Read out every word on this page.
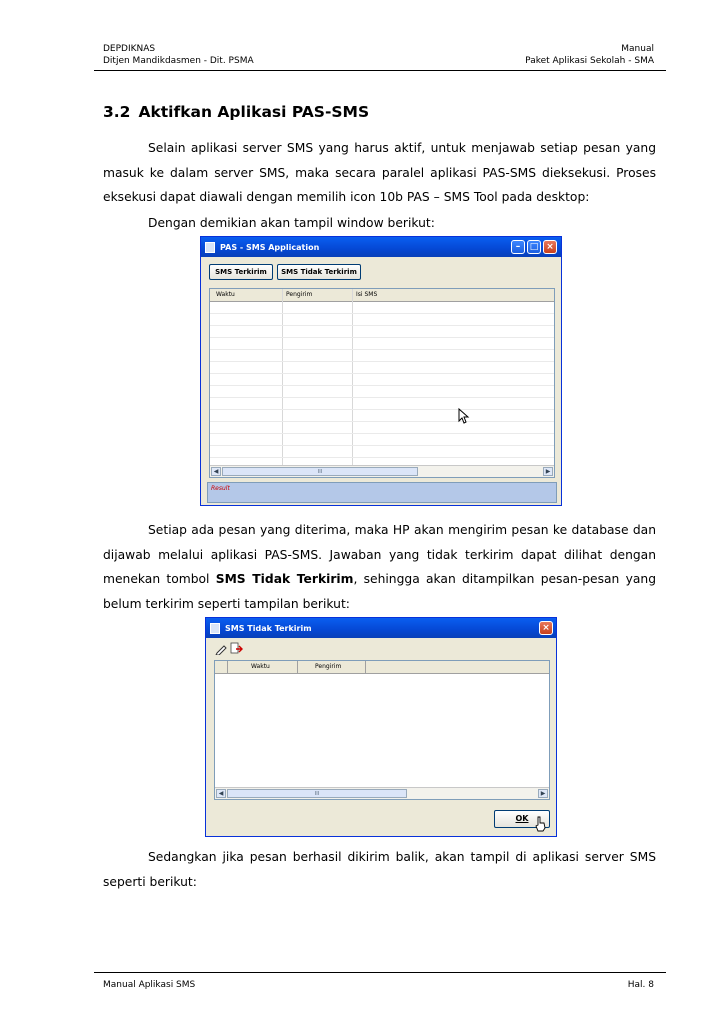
DEPDIKNAS
Ditjen Mandikdasmen - Dit. PSMA
Manual
Paket Aplikasi Sekolah - SMA
3.2 Aktifkan Aplikasi PAS-SMS
Selain aplikasi server SMS yang harus aktif, untuk menjawab setiap pesan yang masuk ke dalam server SMS, maka secara paralel aplikasi PAS-SMS dieksekusi. Proses eksekusi dapat diawali dengan memilih icon 10b PAS – SMS Tool pada desktop:
Dengan demikian akan tampil window berikut:
PAS - SMS Application	–	□ ×
SMS Terkirim	SMS Tidak Terkirim
Waktu	Pengirim	Isi SMS
◀	III	▶
Result
Setiap ada pesan yang diterima, maka HP akan mengirim pesan ke database dan dijawab melalui aplikasi PAS-SMS. Jawaban yang tidak terkirim dapat dilihat dengan menekan tombol SMS Tidak Terkirim, sehingga akan ditampilkan pesan-pesan yang belum terkirim seperti tampilan berikut:
SMS Tidak Terkirim	×
Waktu	Pengirim
◀	III	▶
OK
Sedangkan jika pesan berhasil dikirim balik, akan tampil di aplikasi server SMS seperti berikut:
Manual Aplikasi SMS	Hal. 8
